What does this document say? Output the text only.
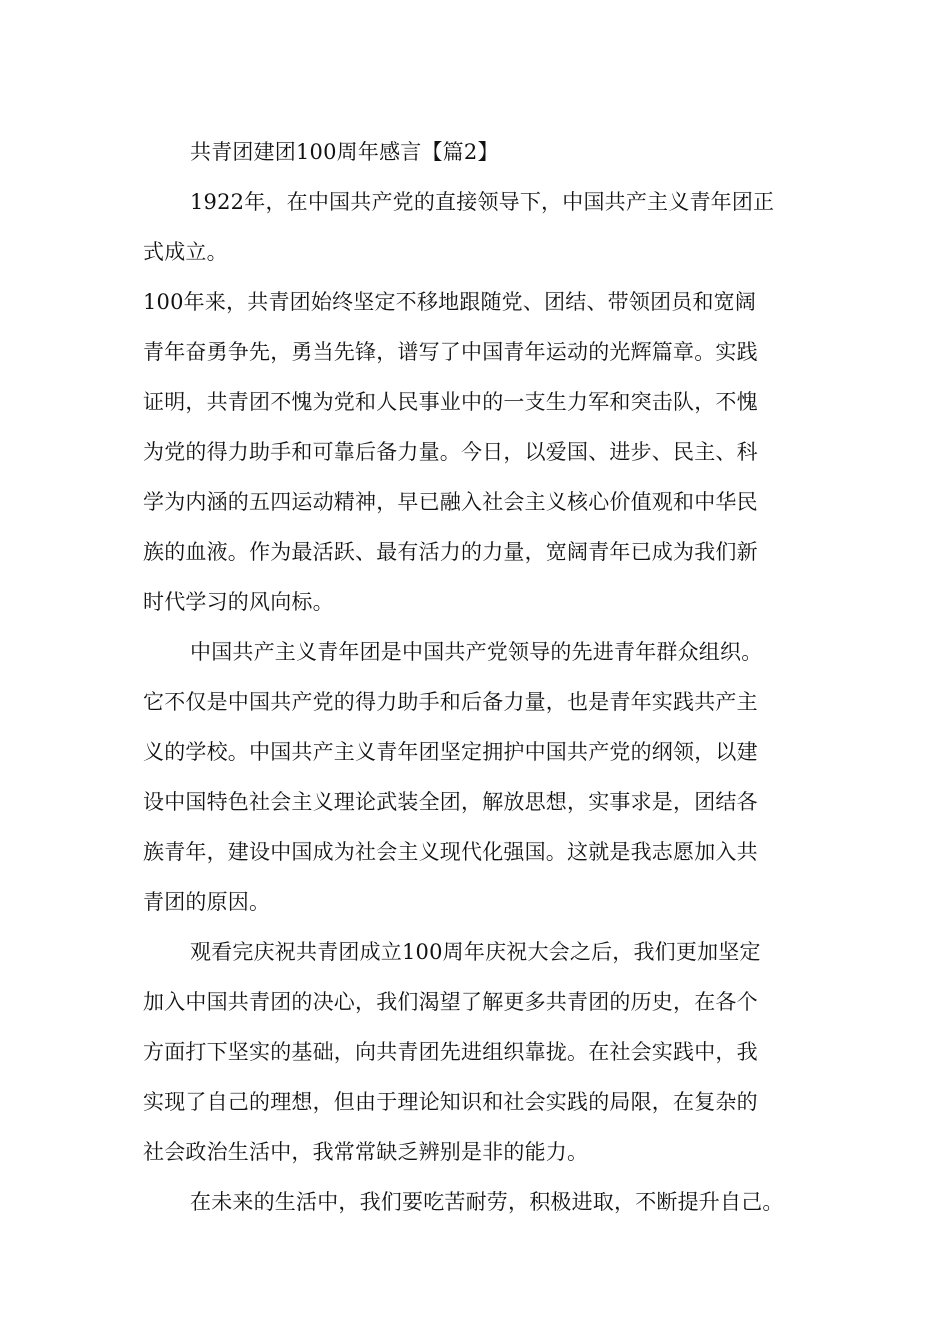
共青团建团100周年感言【篇2】
1922年，在中国共产党的直接领导下，中国共产主义青年团正
式成立。
100年来，共青团始终坚定不移地跟随党、团结、带领团员和宽阔
青年奋勇争先，勇当先锋，谱写了中国青年运动的光辉篇章。实践
证明，共青团不愧为党和人民事业中的一支生力军和突击队，不愧
为党的得力助手和可靠后备力量。今日，以爱国、进步、民主、科
学为内涵的五四运动精神，早已融入社会主义核心价值观和中华民
族的血液。作为最活跃、最有活力的力量，宽阔青年已成为我们新
时代学习的风向标。
中国共产主义青年团是中国共产党领导的先进青年群众组织。
它不仅是中国共产党的得力助手和后备力量，也是青年实践共产主
义的学校。中国共产主义青年团坚定拥护中国共产党的纲领，以建
设中国特色社会主义理论武装全团，解放思想，实事求是，团结各
族青年，建设中国成为社会主义现代化强国。这就是我志愿加入共
青团的原因。
观看完庆祝共青团成立100周年庆祝大会之后，我们更加坚定
加入中国共青团的决心，我们渴望了解更多共青团的历史，在各个
方面打下坚实的基础，向共青团先进组织靠拢。在社会实践中，我
实现了自己的理想，但由于理论知识和社会实践的局限，在复杂的
社会政治生活中，我常常缺乏辨别是非的能力。
在未来的生活中，我们要吃苦耐劳，积极进取，不断提升自己。
